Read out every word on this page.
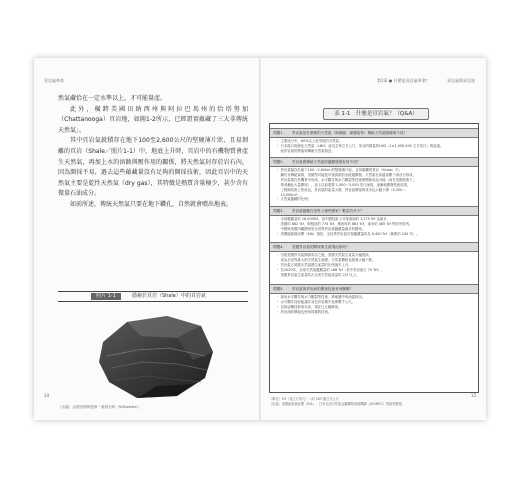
頁岩氣革命

然氣藏恰在一定水準以上，才可能量產。

此外，橫跨美國田納西州與阿拉巴馬州的恰塔努加（Chattanooga）頁岩地，如圖1-2所示，已經證實蘊藏了三大非傳統天然氣」。

其中頁岩氣就積存在地下100至2,600公尺的堅硬薄片狀、且易剝離的頁岩（Shale／照片1-1）中，地底上升時，頁岩中的有機物質會產生天然氣，再加上水的溶蝕與壓作用的關係，將天然氣封存於岩石內，因為開採不易，過去這些蘊藏量沒有足夠的開採技術，因此頁岩中的天然氣主要是乾性天然氣（dry gas），其特徵是熱質含量極少，甚少含有微量石油成分。

如前所述，傳統天然氣只要在地下鑽孔，自然就會噴出地表。

照片 1-1	隱秘於頁岩（Shale）中的頁岩氣
（出處）由德田博和監修「維基百科（Wikipedia）」
14
第1章 ● 什麼是頁岩氣革命？	頁岩氣與頁岩油
表 1-1　什麼是頁岩氣？（Q&A）
問題1. 頁岩氣是什麼樣的天然氣（與煤層、煤層氣等）傳統天然氣跟哪裡不同？
・ 主要成分中，80%以上是甲烷的天然氣。
・ 日本進口的液化天然氣（LNG）產出去每立方公尺，所含的熱量約LNG（1×1,000,000 立方英尺）與直接。
　 而頁岩氣的熱值與傳統天然氣相近。
問題2. 頁岩氣跟傳統天然氣的蘊藏環境有何不同？
・ 頁岩氣賦存於地下100～2,600m 的堅硬薄片狀、且易剝離的頁岩（Shale）中。
　 屬於非傳統資源，這類型可能是可採資源但未經過開發。天然氣在高溫高壓下會自行形成，
　 頁岩氣則在有機質中形成，水平鑽井與水力壓裂等技術使開採成為可能（而在美國技術下，
　 業者藉此大量開採），加上以前需要 1,000～3,000 英尺深度，逐漸地開發技術改善，
　 工程師技術上的改良，頁岩氣的產量大增，頁岩氣開採的成本也大幅下降（3,000～
　 10,000m³）。
・ 天然氣蘊藏的比例。
問題3. 頁岩氣蘊藏在世界上哪些國家？數量有多少？
・ 全球蘊藏量約 16,000Tcf，但中國技術上可採資源約 1,275 Tcf 為最多，
　 美國約 862 Tcf，阿根廷約 774 Tcf，墨西哥約 681 Tcf，南非約 485 Tcf 等依序排列。
　 中國與美國所屬國家是全世界頁岩氣蘊藏量最多的國家。
・ 美國能源資訊署（EIA）預估，全世界頁岩氣可採蘊藏量約為 6,400 Tcf（換算約 240 年）。
問題4. 美國頁岩氣的開採與生產現況如何？
・ 自從美國頁岩氣開採成功之後，美國天然氣生產量大幅提高，
　 成為全世界最大的天然氣生產國，天然氣價格也跟著大幅下跌。
・ 頁岩氣占美國天然氣總生產量的比例逐年上升。
・ 在2020年，全球天然氣蘊藏量約 188 Tcf（其中頁岩氣占 70 Tcf），
　 美國頁岩氣生產量約占全美天然氣產量的 2/3 以上。
問題5. 頁岩氣與頁岩油的開採技術有何關聯？
・ 採用水平鑽井與水力壓裂等技術，將地層中的油氣採出。
・ 水平鑽井技術能讓井身在頁岩層中延伸數千公尺。
・ 以前這種技術成本高，現在已大幅降低。
・ 頁岩油的開採也使用同樣的技術。
（單位）Tcf（兆立方英尺）＝約 283 億立方公尺
（出處）美國能源資訊署（EIA）、日本石油天然氣金屬礦物資源機構（JOGMEC）等資料整理。
15
